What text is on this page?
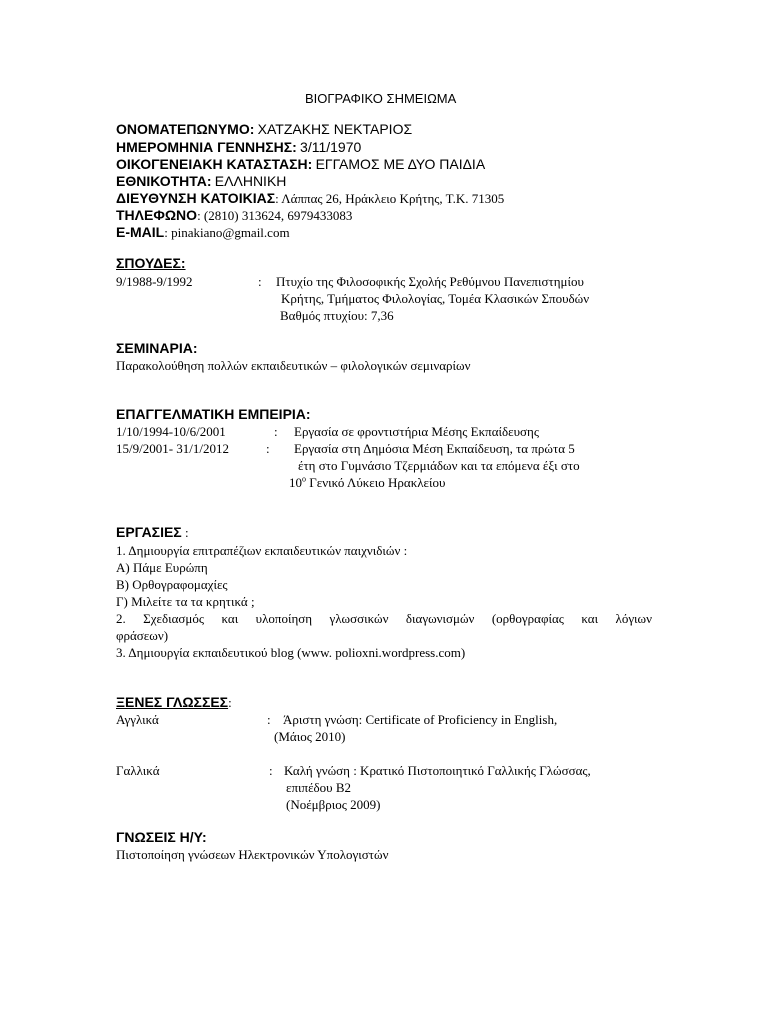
ΒΙΟΓΡΑΦΙΚΟ ΣΗΜΕΙΩΜΑ
ΟΝΟΜΑΤΕΠΩΝΥΜΟ: ΧΑΤΖΑΚΗΣ ΝΕΚΤΑΡΙΟΣ
ΗΜΕΡΟΜΗΝΙΑ ΓΕΝΝΗΣΗΣ: 3/11/1970
ΟΙΚΟΓΕΝΕΙΑΚΗ ΚΑΤΑΣΤΑΣΗ: ΕΓΓΑΜΟΣ ΜΕ ΔΥΟ ΠΑΙΔΙΑ
ΕΘΝΙΚΟΤΗΤΑ: ΕΛΛΗΝΙΚΗ
ΔΙΕΥΘΥΝΣΗ ΚΑΤΟΙΚΙΑΣ: Λάππας 26, Ηράκλειο Κρήτης, Τ.Κ. 71305
ΤΗΛΕΦΩΝΟ: (2810) 313624, 6979433083
E-MAIL: pinakiano@gmail.com
ΣΠΟΥΔΕΣ:
9/1988-9/1992	: Πτυχίο της Φιλοσοφικής Σχολής Ρεθύμνου Πανεπιστημίου
Κρήτης, Τμήματος Φιλολογίας, Τομέα Κλασικών Σπουδών
Βαθμός πτυχίου: 7,36
ΣΕΜΙΝΑΡΙΑ:
Παρακολούθηση πολλών εκπαιδευτικών – φιλολογικών σεμιναρίων
ΕΠΑΓΓΕΛΜΑΤΙΚΗ ΕΜΠΕΙΡΙΑ:
1/10/1994-10/6/2001	: Εργασία σε φροντιστήρια Μέσης Εκπαίδευσης
15/9/2001- 31/1/2012	: Εργασία στη Δημόσια Μέση Εκπαίδευση, τα πρώτα 5
έτη στο Γυμνάσιο Τζερμιάδων και τα επόμενα έξι στο
$10^o$ Γενικό Λύκειο Ηρακλείου
ΕΡΓΑΣΙΕΣ :
1. Δημιουργία επιτραπέζιων εκπαιδευτικών παιχνιδιών :
Α) Πάμε Ευρώπη
Β) Ορθογραφομαχίες
Γ) Μιλείτε τα τα κρητικά ;
2. Σχεδιασμός και υλοποίηση γλωσσικών διαγωνισμών (ορθογραφίας και λόγιων
φράσεων)
3. Δημιουργία εκπαιδευτικού blog (www. polioxni.wordpress.com)
ΞΕΝΕΣ ΓΛΩΣΣΕΣ:
Αγγλικά	: Άριστη γνώση: Certificate of Proficiency in English,
(Μάιος 2010)
Γαλλικά	: Καλή γνώση : Κρατικό Πιστοποιητικό Γαλλικής Γλώσσας,
επιπέδου Β2
(Νοέμβριος 2009)
ΓΝΩΣΕΙΣ Η/Υ:
Πιστοποίηση γνώσεων Ηλεκτρονικών Υπολογιστών
